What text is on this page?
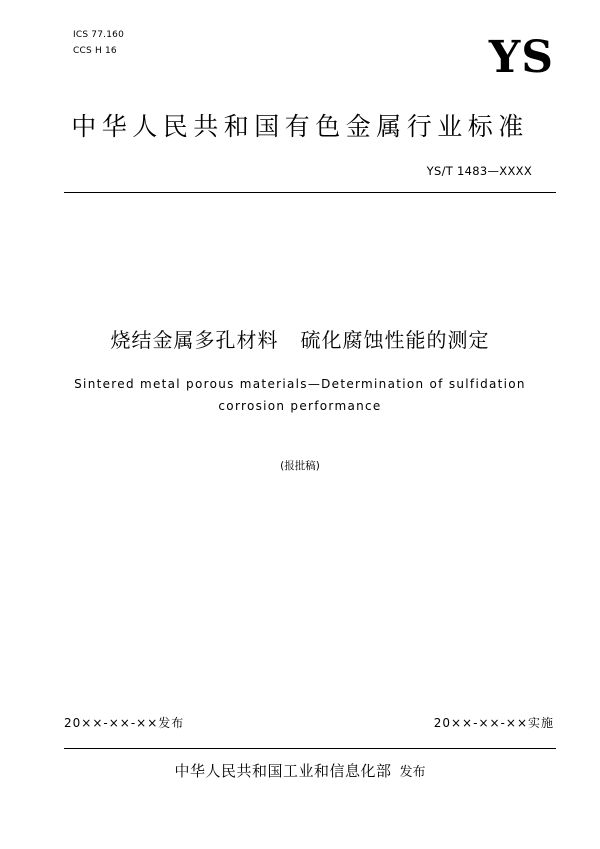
ICS 77.160
CCS H 16	YS
中华人民共和国有色金属行业标准
YS/T 1483—XXXX
烧结金属多孔材料   硫化腐蚀性能的测定
Sintered metal porous materials—Determination of sulfidation
corrosion performance
(报批稿)
20××-××-××发布	20××-××-××实施
中华人民共和国工业和信息化部 发布
